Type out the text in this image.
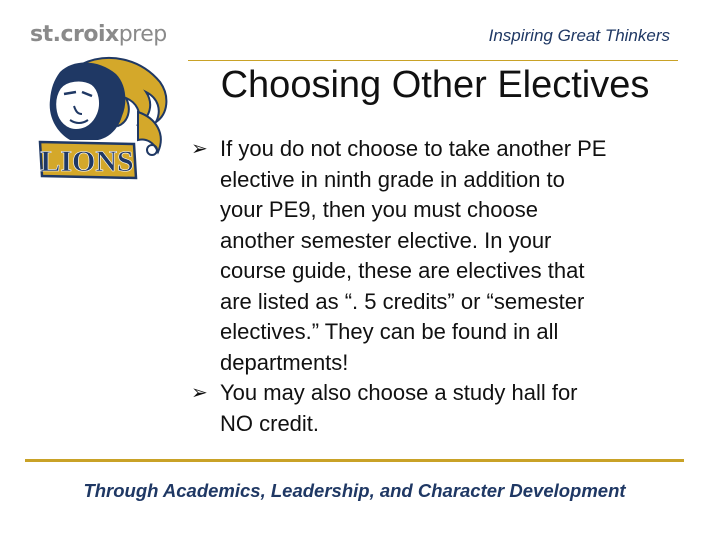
st.croixprep
LIONS
Inspiring Great Thinkers
Choosing Other Electives
➢ If you do not choose to take another PE
elective in ninth grade in addition to
your PE9, then you must choose
another semester elective. In your
course guide, these are electives that
are listed as “. 5 credits” or “semester
electives.” They can be found in all
departments!
➢ You may also choose a study hall for
NO credit.
Through Academics, Leadership, and Character Development
